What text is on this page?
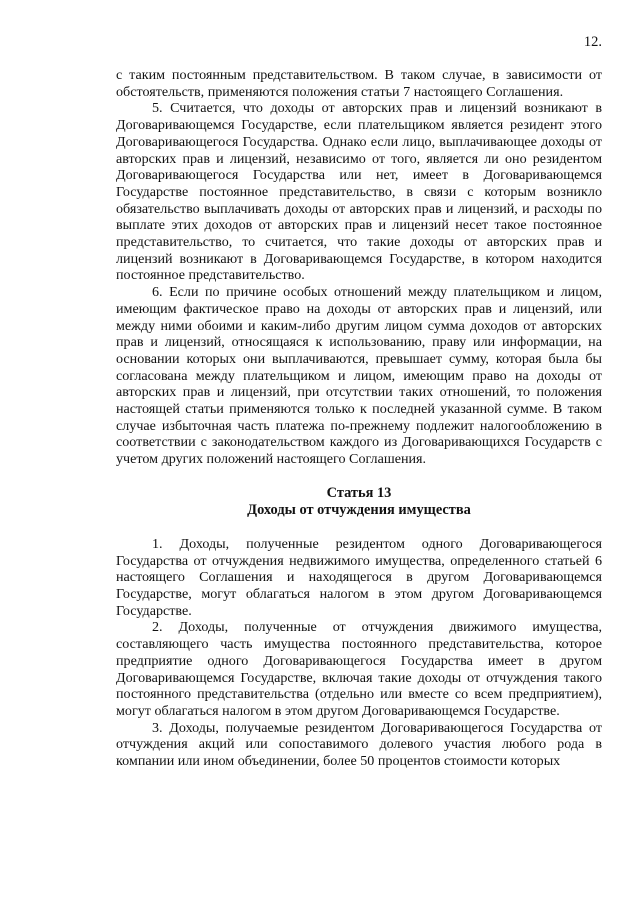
12.

с таким постоянным представительством. В таком случае, в зависимости от обстоятельств, применяются положения статьи 7 настоящего Соглашения.

5. Считается, что доходы от авторских прав и лицензий возникают в Договаривающемся Государстве, если плательщиком является резидент этого Договаривающегося Государства. Однако если лицо, выплачивающее доходы от авторских прав и лицензий, независимо от того, является ли оно резидентом Договаривающегося Государства или нет, имеет в Договаривающемся Государстве постоянное представительство, в связи с которым возникло обязательство выплачивать доходы от авторских прав и лицензий, и расходы по выплате этих доходов от авторских прав и лицензий несет такое постоянное представительство, то считается, что такие доходы от авторских прав и лицензий возникают в Договаривающемся Государстве, в котором находится постоянное представительство.

6. Если по причине особых отношений между плательщиком и лицом, имеющим фактическое право на доходы от авторских прав и лицензий, или между ними обоими и каким-либо другим лицом сумма доходов от авторских прав и лицензий, относящаяся к использованию, праву или информации, на основании которых они выплачиваются, превышает сумму, которая была бы согласована между плательщиком и лицом, имеющим право на доходы от авторских прав и лицензий, при отсутствии таких отношений, то положения настоящей статьи применяются только к последней указанной сумме. В таком случае избыточная часть платежа по-прежнему подлежит налогообложению в соответствии с законодательством каждого из Договаривающихся Государств с учетом других положений настоящего Соглашения.

Статья 13
Доходы от отчуждения имущества

1. Доходы, полученные резидентом одного Договаривающегося Государства от отчуждения недвижимого имущества, определенного статьей 6 настоящего Соглашения и находящегося в другом Договаривающемся Государстве, могут облагаться налогом в этом другом Договаривающемся Государстве.

2. Доходы, полученные от отчуждения движимого имущества, составляющего часть имущества постоянного представительства, которое предприятие одного Договаривающегося Государства имеет в другом Договаривающемся Государстве, включая такие доходы от отчуждения такого постоянного представительства (отдельно или вместе со всем предприятием), могут облагаться налогом в этом другом Договаривающемся Государстве.

3. Доходы, получаемые резидентом Договаривающегося Государства от отчуждения акций или сопоставимого долевого участия любого рода в компании или ином объединении, более 50 процентов стоимости которых
